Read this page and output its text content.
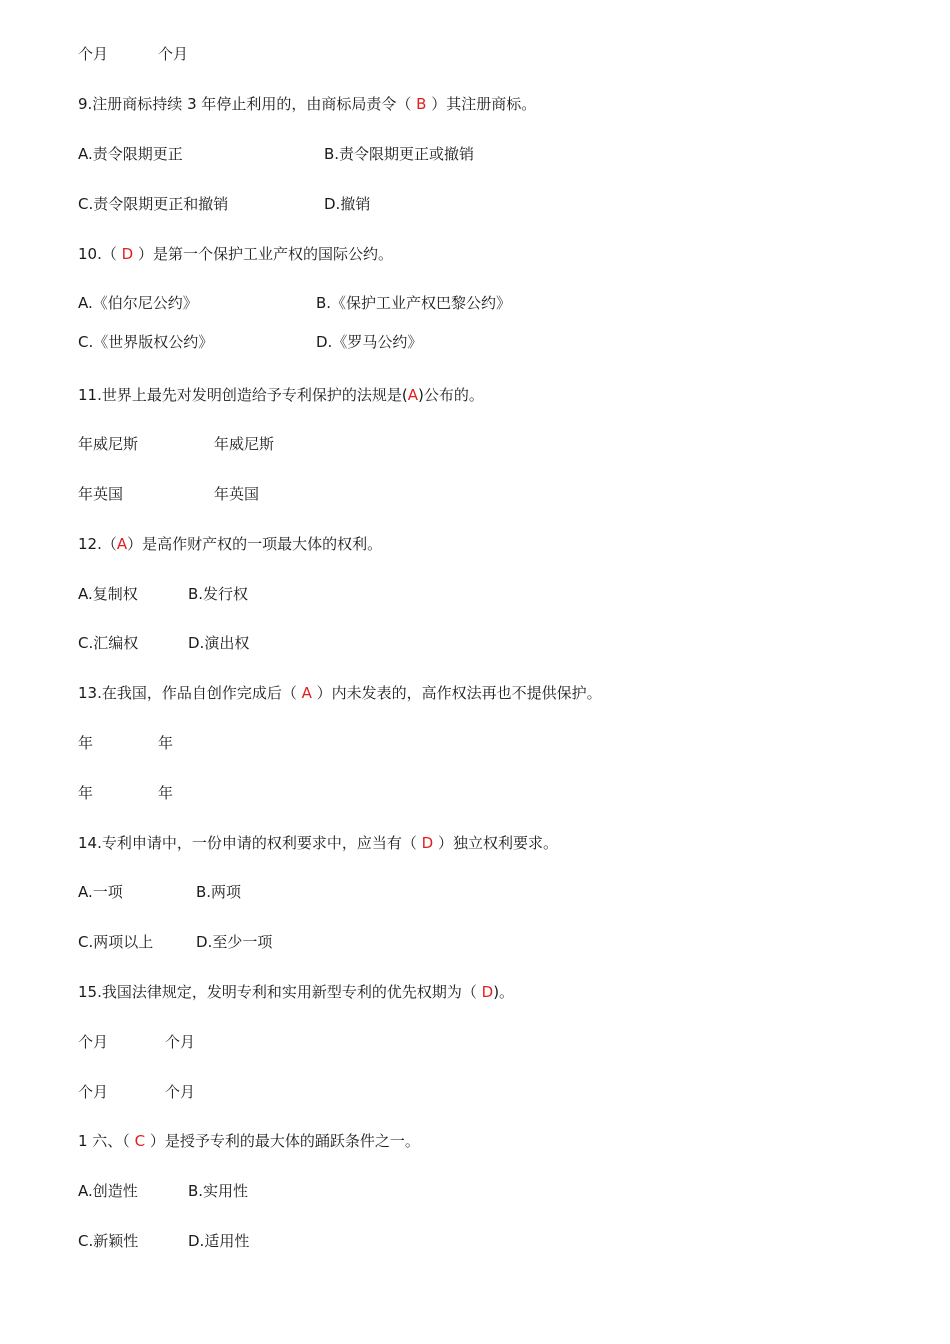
个月	个月
9.注册商标持续 3 年停止利用的，由商标局责令（ B ）其注册商标。
A.责令限期更正	B.责令限期更正或撤销
C.责令限期更正和撤销	D.撤销
10.（ D ）是第一个保护工业产权的国际公约。
A.《伯尔尼公约》	B.《保护工业产权巴黎公约》
C.《世界版权公约》	D.《罗马公约》
11.世界上最先对发明创造给予专利保护的法规是(A)公布的。
年威尼斯	年威尼斯
年英国	年英国
12.（A）是高作财产权的一项最大体的权利。
A.复制权	B.发行权
C.汇编权	D.演出权
13.在我国，作品自创作完成后（ A ）内未发表的，高作权法再也不提供保护。
年	年
年	年
14.专利申请中，一份申请的权利要求中，应当有（ D ）独立权利要求。
A.一项	B.两项
C.两项以上	D.至少一项
15.我国法律规定，发明专利和实用新型专利的优先权期为（ D)。
个月	个月
个月	个月
1 六、（ C ）是授予专利的最大体的踊跃条件之一。
A.创造性	B.实用性
C.新颖性	D.适用性
